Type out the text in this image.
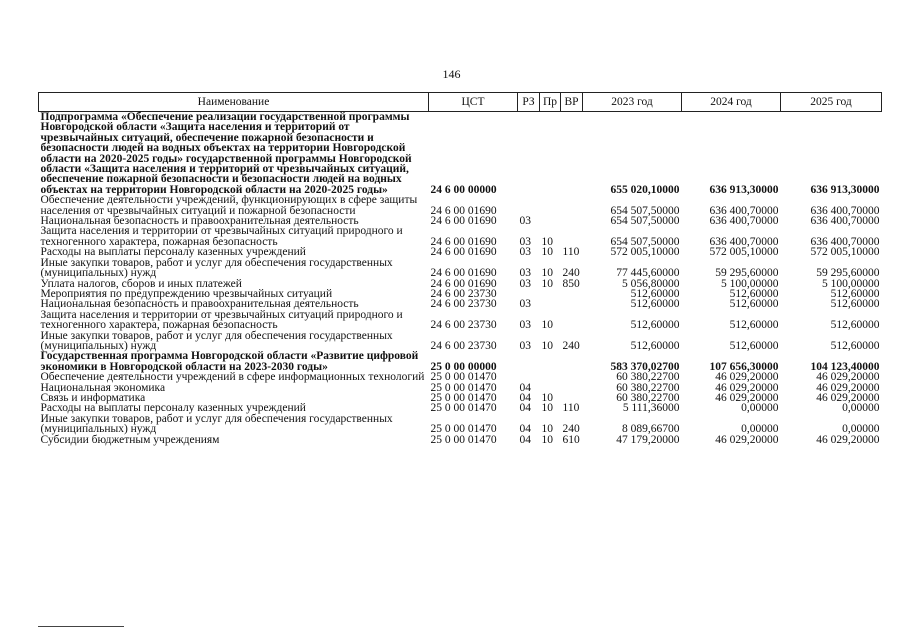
146
Наименование	ЦСТ	РЗ	Пр	ВР	2023 год	2024 год	2025 год
Подпрограмма «Обеспечение реализации государственной программы Новгородской области «Защита населения и территорий от чрезвычайных ситуаций, обеспечение пожарной безопасности и безопасности людей на водных объектах на территории Новгородской области на 2020-2025 годы» государственной программы Новгородской области «Защита населения и территорий от чрезвычайных ситуаций, обеспечение пожарной безопасности и безопасности людей на водных объектах на территории Новгородской области на 2020-2025 годы»	24 6 00 00000				655 020,10000	636 913,30000	636 913,30000
Обеспечение деятельности учреждений, функционирующих в сфере защиты населения от чрезвычайных ситуаций и пожарной безопасности	24 6 00 01690				654 507,50000	636 400,70000	636 400,70000
Национальная безопасность и правоохранительная деятельность	24 6 00 01690	03			654 507,50000	636 400,70000	636 400,70000
Защита населения и территории от чрезвычайных ситуаций природного и техногенного характера, пожарная безопасность	24 6 00 01690	03	10		654 507,50000	636 400,70000	636 400,70000
Расходы на выплаты персоналу казенных учреждений	24 6 00 01690	03	10	110	572 005,10000	572 005,10000	572 005,10000
Иные закупки товаров, работ и услуг для обеспечения государственных (муниципальных) нужд	24 6 00 01690	03	10	240	77 445,60000	59 295,60000	59 295,60000
Уплата налогов, сборов и иных платежей	24 6 00 01690	03	10	850	5 056,80000	5 100,00000	5 100,00000
Мероприятия по предупреждению чрезвычайных ситуаций	24 6 00 23730				512,60000	512,60000	512,60000
Национальная безопасность и правоохранительная деятельность	24 6 00 23730	03			512,60000	512,60000	512,60000
Защита населения и территории от чрезвычайных ситуаций природного и техногенного характера, пожарная безопасность	24 6 00 23730	03	10		512,60000	512,60000	512,60000
Иные закупки товаров, работ и услуг для обеспечения государственных (муниципальных) нужд	24 6 00 23730	03	10	240	512,60000	512,60000	512,60000
Государственная программа Новгородской области «Развитие цифровой экономики в Новгородской области на 2023-2030 годы»	25 0 00 00000				583 370,02700	107 656,30000	104 123,40000
Обеспечение деятельности учреждений в сфере информационных технологий	25 0 00 01470				60 380,22700	46 029,20000	46 029,20000
Национальная экономика	25 0 00 01470	04			60 380,22700	46 029,20000	46 029,20000
Связь и информатика	25 0 00 01470	04	10		60 380,22700	46 029,20000	46 029,20000
Расходы на выплаты персоналу казенных учреждений	25 0 00 01470	04	10	110	5 111,36000	0,00000	0,00000
Иные закупки товаров, работ и услуг для обеспечения государственных (муниципальных) нужд	25 0 00 01470	04	10	240	8 089,66700	0,00000	0,00000
Субсидии бюджетным учреждениям	25 0 00 01470	04	10	610	47 179,20000	46 029,20000	46 029,20000
